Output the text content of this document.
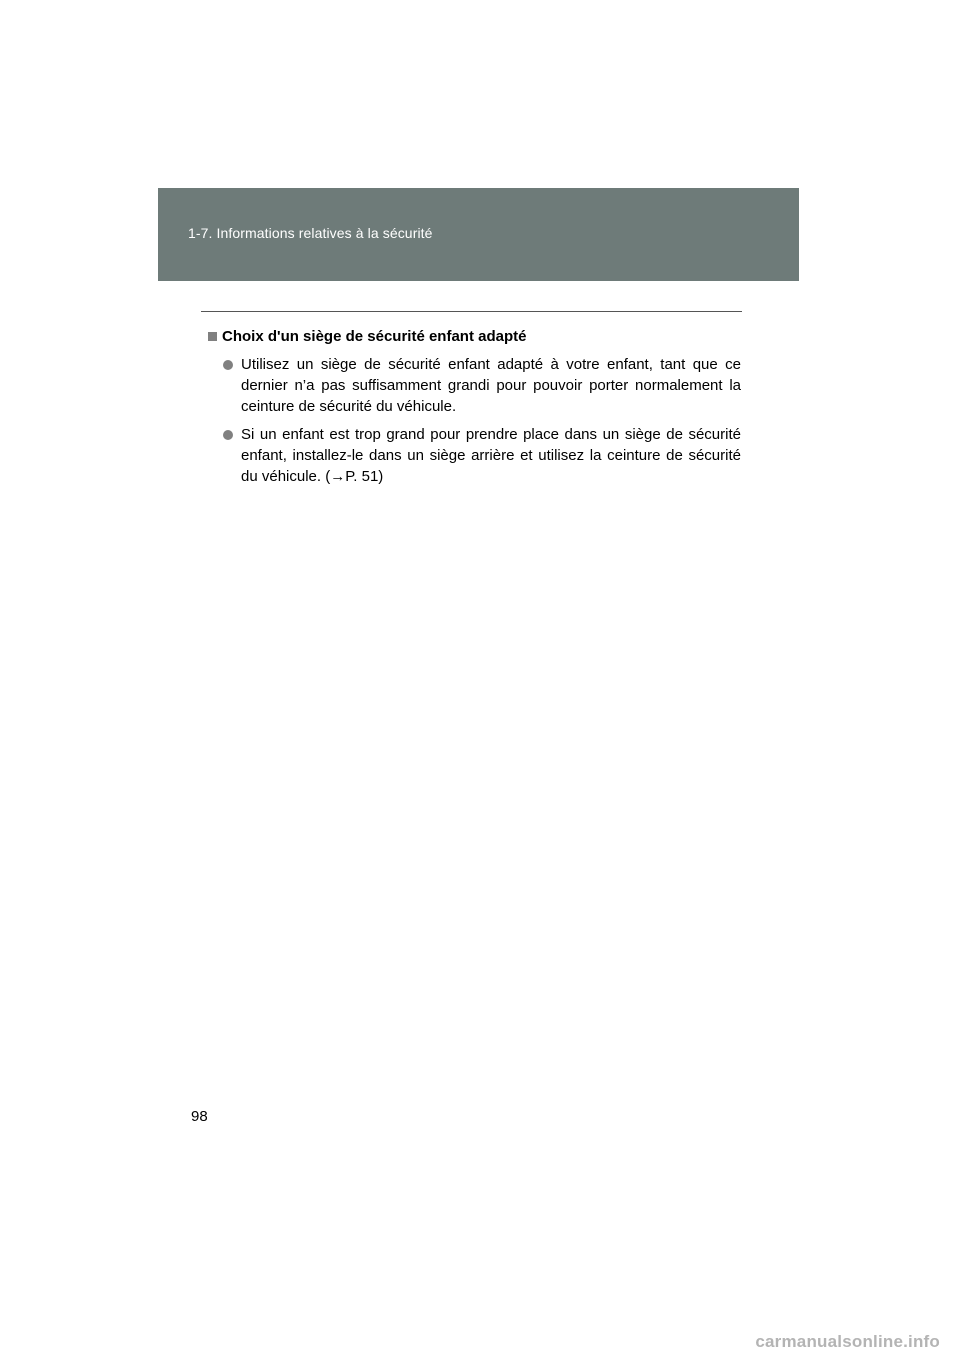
1-7. Informations relatives à la sécurité
Choix d'un siège de sécurité enfant adapté
Utilisez un siège de sécurité enfant adapté à votre enfant, tant que ce dernier n’a pas suffisamment grandi pour pouvoir porter normalement la ceinture de sécurité du véhicule.
Si un enfant est trop grand pour prendre place dans un siège de sécurité enfant, installez-le dans un siège arrière et utilisez la ceinture de sécurité du véhicule. (→P. 51)
98
carmanualsonline.info
